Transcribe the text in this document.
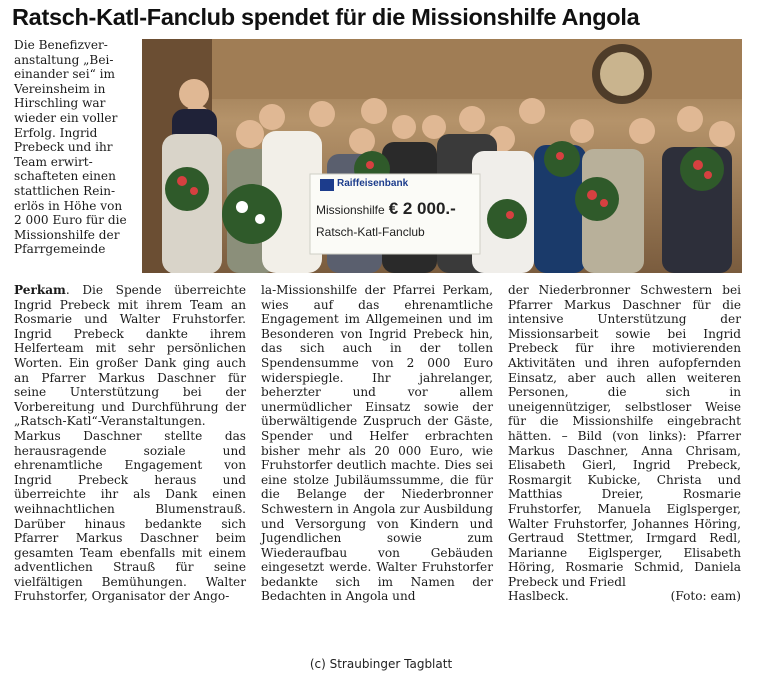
Ratsch-Katl-Fanclub spendet für die Missionshilfe Angola
Die Benefizver-
anstaltung „Bei-
einander sei“ im
Vereinsheim in
Hirschling war
wieder ein voller
Erfolg. Ingrid
Prebeck und ihr
Team erwirt-
schafteten einen
stattlichen Rein-
erlös in Höhe von
2 000 Euro für die
Missionshilfe der
Pfarrgemeinde
Raiffeisenbank
Missionshilfe € 2 000.-
Ratsch-Katl-Fanclub

Perkam. Die Spende überreichte Ingrid Prebeck mit ihrem Team an Rosmarie und Walter Fruhstorfer. Ingrid Prebeck dankte ihrem Helferteam mit sehr persönlichen Worten. Ein großer Dank ging auch an Pfarrer Markus Daschner für seine Unterstützung bei der Vorbereitung und Durchführung der „Ratsch-Katl“-Veranstaltungen. Markus Daschner stellte das herausragende soziale und ehrenamtliche Engagement von Ingrid Prebeck heraus und überreichte ihr als Dank einen weihnachtlichen Blumenstrauß. Darüber hinaus bedankte sich Pfarrer Markus Daschner beim gesamten Team ebenfalls mit einem adventlichen Strauß für seine vielfältigen Bemühungen. Walter Fruhstorfer, Organisator der Ango-

la-Missionshilfe der Pfarrei Perkam, wies auf das ehrenamtliche Engagement im Allgemeinen und im Besonderen von Ingrid Prebeck hin, das sich auch in der tollen Spendensumme von 2 000 Euro widerspiegle. Ihr jahrelanger, beherzter und vor allem unermüdlicher Einsatz sowie der überwältigende Zuspruch der Gäste, Spender und Helfer erbrachten bisher mehr als 20 000 Euro, wie Fruhstorfer deutlich machte. Dies sei eine stolze Jubiläumssumme, die für die Belange der Niederbronner Schwestern in Angola zur Ausbildung und Versorgung von Kindern und Jugendlichen sowie zum Wiederaufbau von Gebäuden eingesetzt werde. Walter Fruhstorfer bedankte sich im Namen der Bedachten in Angola und

der Niederbronner Schwestern bei Pfarrer Markus Daschner für die intensive Unterstützung der Missionsarbeit sowie bei Ingrid Prebeck für ihre motivierenden Aktivitäten und ihren aufopfernden Einsatz, aber auch allen weiteren Personen, die sich in uneigennütziger, selbstloser Weise für die Missionshilfe eingebracht hätten. – Bild (von links): Pfarrer Markus Daschner, Anna Chrisam, Elisabeth Gierl, Ingrid Prebeck, Rosmargit Kubicke, Christa und Matthias Dreier, Rosmarie Fruhstorfer, Manuela Eiglsperger, Walter Fruhstorfer, Johannes Höring, Gertraud Stettmer, Irmgard Redl, Marianne Eiglsperger, Elisabeth Höring, Rosmarie Schmid, Daniela Prebeck und Friedl

Haslbeck.	(Foto: eam)
(c) Straubinger Tagblatt
